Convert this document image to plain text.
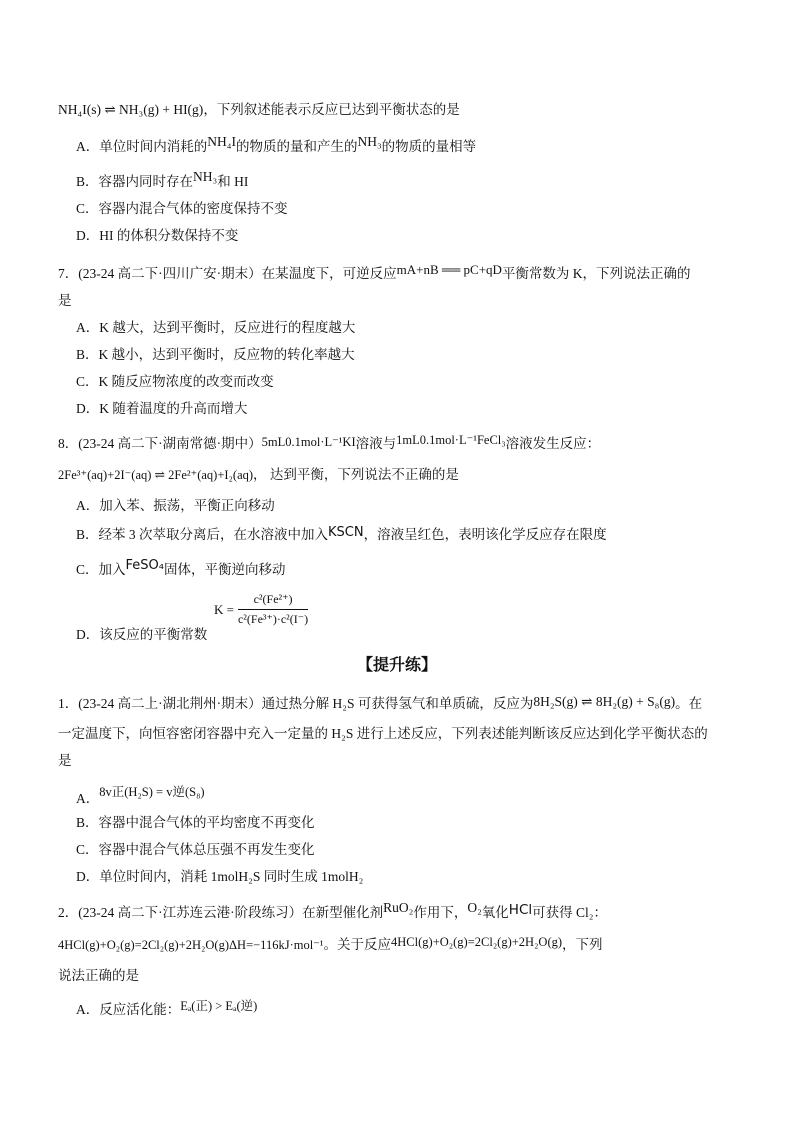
NH₄I(s) ⇌ NH₃(g) + HI(g)，下列叙述能表示反应已达到平衡状态的是
A．单位时间内消耗的NH₄I的物质的量和产生的NH₃的物质的量相等
B．容器内同时存在NH₃和 HI
C．容器内混合气体的密度保持不变
D．HI 的体积分数保持不变
7．(23-24 高二下·四川广安·期末）在某温度下，可逆反应mA+nB ══ pC+qD平衡常数为 K，下列说法正确的
是
A．K 越大，达到平衡时，反应进行的程度越大
B．K 越小，达到平衡时，反应物的转化率越大
C．K 随反应物浓度的改变而改变
D．K 随着温度的升高而增大
8．(23-24 高二下·湖南常德·期中）5mL0.1mol·L⁻¹KI溶液与1mL0.1mol·L⁻¹FeCl₃溶液发生反应：
2Fe³⁺(aq)+2I⁻(aq) ⇌ 2Fe²⁺(aq)+I₂(aq)， 达到平衡，下列说法不正确的是
A．加入苯、振荡，平衡正向移动
B．经苯 3 次萃取分离后，在水溶液中加入KSCN，溶液呈红色，表明该化学反应存在限度
C．加入FeSO₄固体，平衡逆向移动
D．该反应的平衡常数
$K = \frac{\text{c²(Fe²⁺)}}{\text{c²(Fe³⁺)·c²(I⁻)}}$
【提升练】
1．(23-24 高二上·湖北荆州·期末）通过热分解 H₂S 可获得氢气和单质硫，反应为8H₂S(g) ⇌ 8H₂(g) + S₈(g)。在
一定温度下，向恒容密闭容器中充入一定量的 H₂S 进行上述反应，下列表述能判断该反应达到化学平衡状态的
是
A．8v正(H₂S) = v逆(S₈)
B．容器中混合气体的平均密度不再变化
C．容器中混合气体总压强不再发生变化
D．单位时间内，消耗 1molH₂S 同时生成 1molH₂
2．(23-24 高二下·江苏连云港·阶段练习）在新型催化剂RuO₂作用下，O₂氧化HCl可获得 Cl₂：
4HCl(g)+O₂(g)=2Cl₂(g)+2H₂O(g)ΔH=−116kJ·mol⁻¹。关于反应4HCl(g)+O₂(g)=2Cl₂(g)+2H₂O(g)，下列
说法正确的是
A．反应活化能：Eₐ(正) > Eₐ(逆)
